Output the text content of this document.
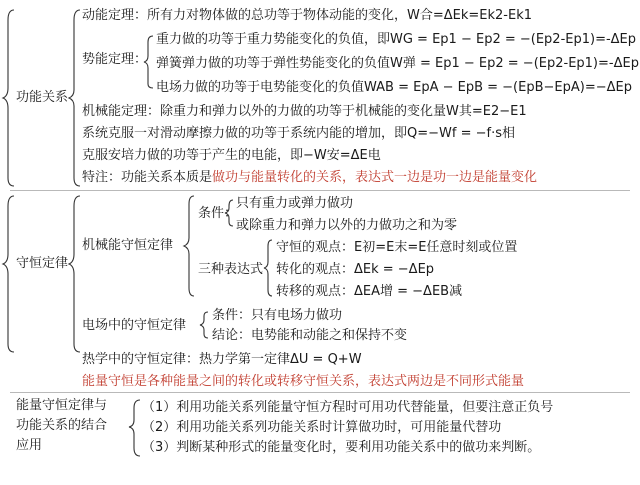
功能关系
动能定理：所有力对物体做的总功等于物体动能的变化，W合=ΔEk=Ek2-Ek1
势能定理：
重力做的功等于重力势能变化的负值，即WG = Ep1 − Ep2 = −(Ep2-Ep1)=-ΔEp
弹簧弹力做的功等于弹性势能变化的负值W弹 = Ep1 − Ep2 = −(Ep2-Ep1)=-ΔEp
电场力做的功等于电势能变化的负值WAB = EpA − EpB = −(EpB−EpA)=−ΔEp
机械能定理：除重力和弹力以外的力做的功等于机械能的变化量W其=E2−E1
系统克服一对滑动摩擦力做的功等于系统内能的增加，即Q=−Wf = −f·s相
克服安培力做的功等于产生的电能，即−W安=ΔE电
特注：功能关系本质是做功与能量转化的关系，表达式一边是功一边是能量变化
守恒定律
机械能守恒定律
条件：
只有重力或弹力做功
或除重力和弹力以外的力做功之和为零
三种表达式
守恒的观点：E初=E末=E任意时刻或位置
转化的观点：ΔEk = −ΔEp
转移的观点：ΔEA增 = −ΔEB减
电场中的守恒定律
条件：只有电场力做功
结论：电势能和动能之和保持不变
热学中的守恒定律：热力学第一定律ΔU = Q+W
能量守恒是各种能量之间的转化或转移守恒关系，表达式两边是不同形式能量
能量守恒定律与
功能关系的结合
应用
（1）利用功能关系列能量守恒方程时可用功代替能量，但要注意正负号
（2）利用功能关系列功能关系时计算做功时，可用能量代替功
（3）判断某种形式的能量变化时，要利用功能关系中的做功来判断。
